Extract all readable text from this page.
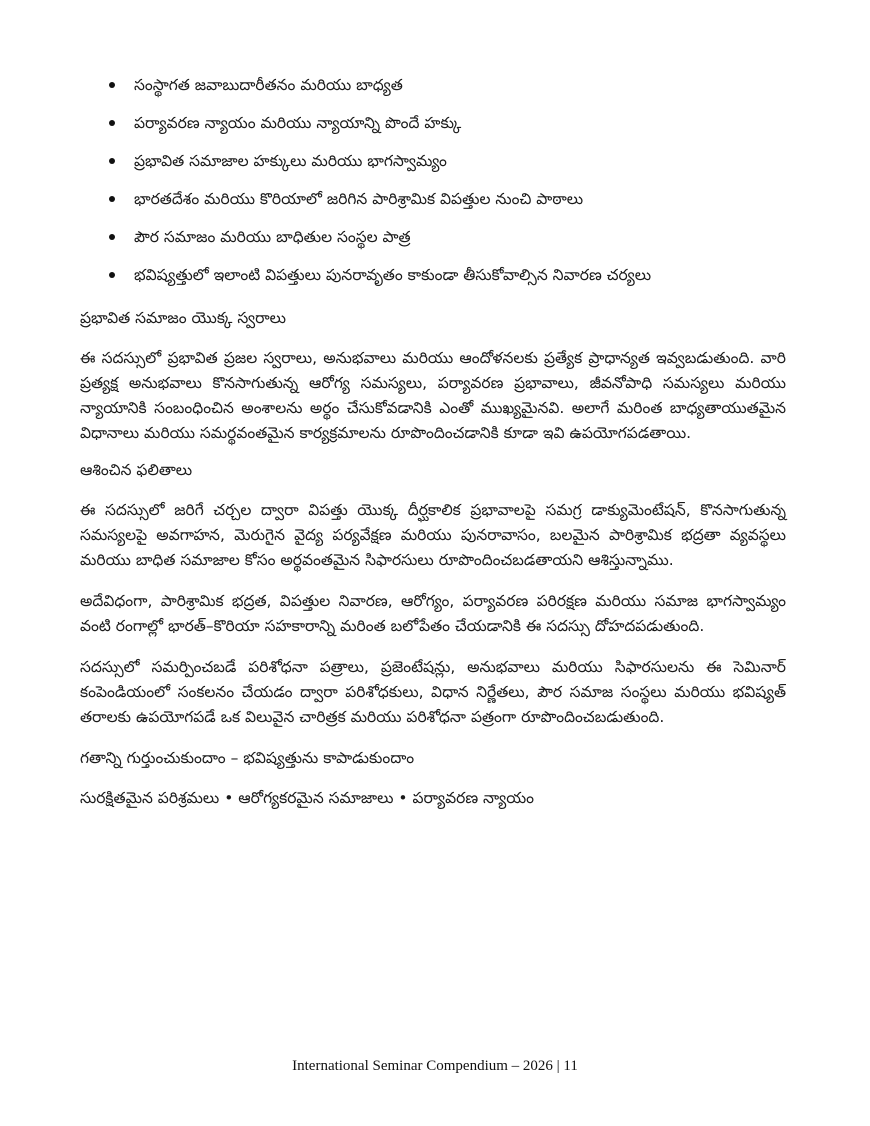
సంస్థాగత జవాబుదారీతనం మరియు బాధ్యత
పర్యావరణ న్యాయం మరియు న్యాయాన్ని పొందే హక్కు
ప్రభావిత సమాజాల హక్కులు మరియు భాగస్వామ్యం
భారతదేశం మరియు కొరియాలో జరిగిన పారిశ్రామిక విపత్తుల నుంచి పాఠాలు
పౌర సమాజం మరియు బాధితుల సంస్థల పాత్ర
భవిష్యత్తులో ఇలాంటి విపత్తులు పునరావృతం కాకుండా తీసుకోవాల్సిన నివారణ చర్యలు
ప్రభావిత సమాజం యొక్క స్వరాలు

ఈ సదస్సులో ప్రభావిత ప్రజల స్వరాలు, అనుభవాలు మరియు ఆందోళనలకు ప్రత్యేక ప్రాధాన్యత ఇవ్వబడుతుంది. వారి ప్రత్యక్ష అనుభవాలు కొనసాగుతున్న ఆరోగ్య సమస్యలు, పర్యావరణ ప్రభావాలు, జీవనోపాధి సమస్యలు మరియు న్యాయానికి సంబంధించిన అంశాలను అర్థం చేసుకోవడానికి ఎంతో ముఖ్యమైనవి. అలాగే మరింత బాధ్యతాయుతమైన విధానాలు మరియు సమర్థవంతమైన కార్యక్రమాలను రూపొందించడానికి కూడా ఇవి ఉపయోగపడతాయి.

ఆశించిన ఫలితాలు

ఈ సదస్సులో జరిగే చర్చల ద్వారా విపత్తు యొక్క దీర్ఘకాలిక ప్రభావాలపై సమగ్ర డాక్యుమెంటేషన్, కొనసాగుతున్న సమస్యలపై అవగాహన, మెరుగైన వైద్య పర్యవేక్షణ మరియు పునరావాసం, బలమైన పారిశ్రామిక భద్రతా వ్యవస్థలు మరియు బాధిత సమాజాల కోసం అర్థవంతమైన సిఫారసులు రూపొందించబడతాయని ఆశిస్తున్నాము.

అదేవిధంగా, పారిశ్రామిక భద్రత, విపత్తుల నివారణ, ఆరోగ్యం, పర్యావరణ పరిరక్షణ మరియు సమాజ భాగస్వామ్యం వంటి రంగాల్లో భారత్–కొరియా సహకారాన్ని మరింత బలోపేతం చేయడానికి ఈ సదస్సు దోహదపడుతుంది.

సదస్సులో సమర్పించబడే పరిశోధనా పత్రాలు, ప్రజెంటేషన్లు, అనుభవాలు మరియు సిఫారసులను ఈ సెమినార్ కంపెండియంలో సంకలనం చేయడం ద్వారా పరిశోధకులు, విధాన నిర్ణేతలు, పౌర సమాజ సంస్థలు మరియు భవిష్యత్ తరాలకు ఉపయోగపడే ఒక విలువైన చారిత్రక మరియు పరిశోధనా పత్రంగా రూపొందించబడుతుంది.

గతాన్ని గుర్తుంచుకుందాం – భవిష్యత్తును కాపాడుకుందాం
సురక్షితమైన పరిశ్రమలు • ఆరోగ్యకరమైన సమాజాలు • పర్యావరణ న్యాయం
International Seminar Compendium – 2026 | 11
